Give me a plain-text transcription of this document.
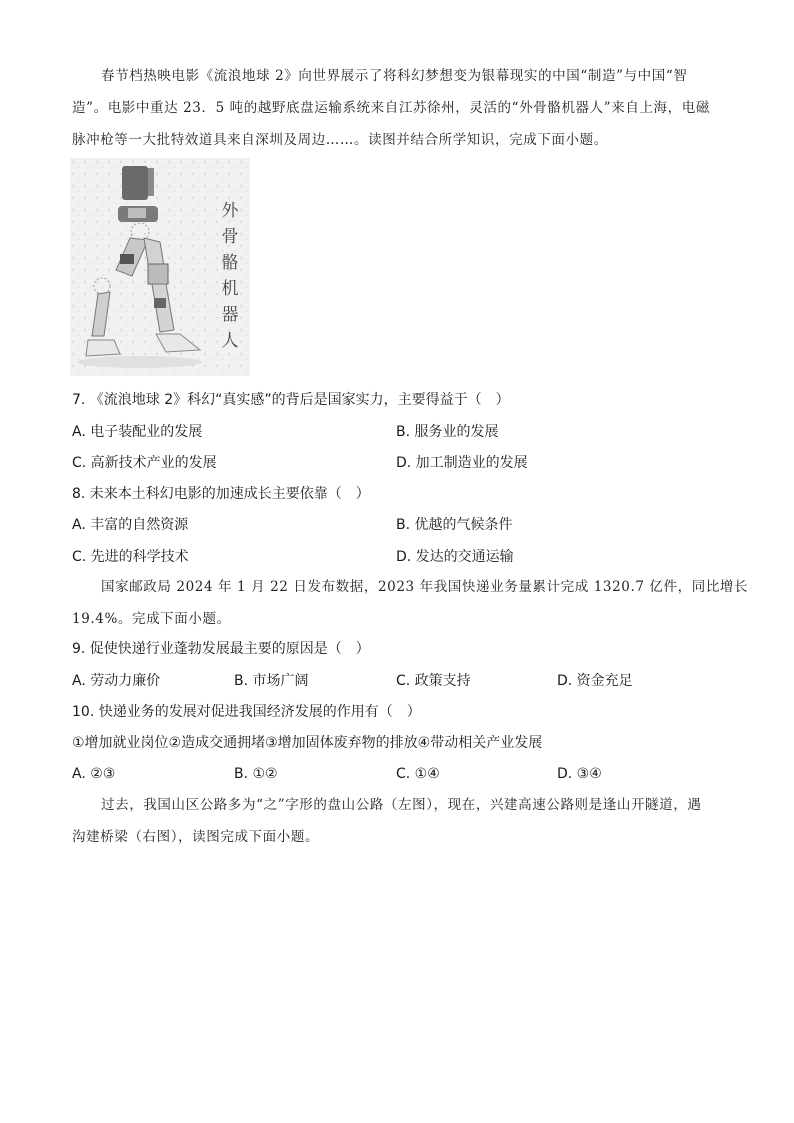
春节档热映电影《流浪地球 2》向世界展示了将科幻梦想变为银幕现实的中国“制造”与中国“智
造”。电影中重达 23．5 吨的越野底盘运输系统来自江苏徐州，灵活的“外骨骼机器人”来自上海，电磁
脉冲枪等一大批特效道具来自深圳及周边……。读图并结合所学知识，完成下面小题。
外骨骼机器人
7. 《流浪地球 2》科幻“真实感”的背后是国家实力，主要得益于（　）
A. 电子装配业的发展	B. 服务业的发展
C. 高新技术产业的发展	D. 加工制造业的发展
8. 未来本土科幻电影的加速成长主要依靠（　）
A. 丰富的自然资源	B. 优越的气候条件
C. 先进的科学技术	D. 发达的交通运输
国家邮政局 2024 年 1 月 22 日发布数据，2023 年我国快递业务量累计完成 1320.7 亿件，同比增长
19.4%。完成下面小题。
9. 促使快递行业蓬勃发展最主要的原因是（　）
A. 劳动力廉价	B. 市场广阔	C. 政策支持	D. 资金充足
10. 快递业务的发展对促进我国经济发展的作用有（　）
①增加就业岗位②造成交通拥堵③增加固体废弃物的排放④带动相关产业发展
A. ②③	B. ①②	C. ①④	D. ③④
过去，我国山区公路多为“之”字形的盘山公路（左图），现在，兴建高速公路则是逢山开隧道，遇
沟建桥梁（右图），读图完成下面小题。
